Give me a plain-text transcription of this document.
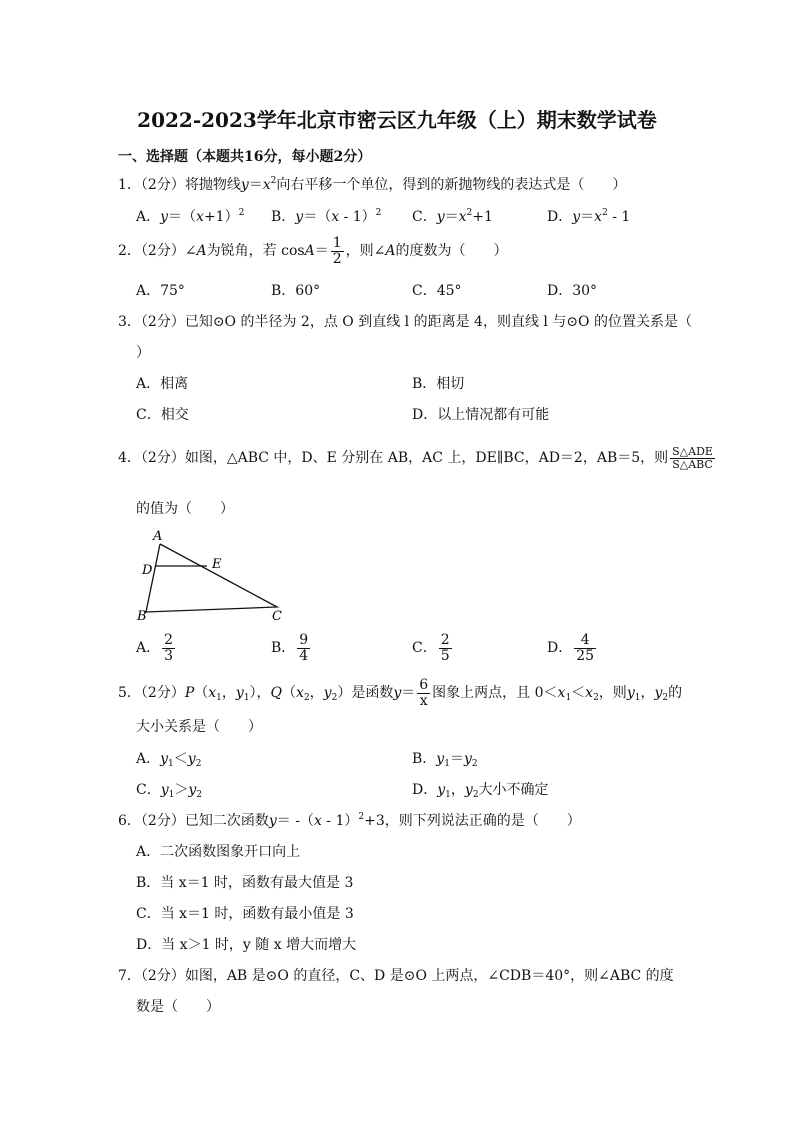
2022-2023学年北京市密云区九年级（上）期末数学试卷
一、选择题（本题共16分，每小题2分）
1．（2分）将抛物线$y=x^2$向右平移一个单位，得到的新抛物线的表达式是（　　）
A．$y=(x+1)^2$ B．y＝（x - 1）$^2$ C．$y=x^2+1$	D．$y=x^2 - 1$
2．（2分）∠A为锐角，若 $\cos A= \frac{1}{2}$ ，则∠A的度数为（　　）
A．75°	B．60°	C．45°	D．30°
3．（2分）已知⊙O 的半径为 2，点 O 到直线 l 的距离是 4，则直线 l 与⊙O 的位置关系是（
）
A．相离	B．相切
C．相交	D．以上情况都有可能
4．（2分）如图，△ABC 中，D、E 分别在 AB，AC 上，DE∥BC，AD＝2，AB＝5，则 $\frac{\text{S△ADE}}{\text{S△ABC}}$
的值为（　　）
A
D	E
B	C
A． $\frac{2}{3}$	B． $\frac{9}{4}$	C． $\frac{2}{5}$	D． $\frac{4}{25}$
5．（2分）$P(x_1$，$y_1$），$Q(x_2$，$y_2$）是函数$y= \frac{6}{x}$ 图象上两点，且 $0<x_1<x_2$，则$y_1$，$y_2$的
大小关系是（　　）
A．$y_1<y_2$	B．$y_1=y_2$
C．$y_1>y_2$	D．$y_1$，$y_2$大小不确定
6．（2分）已知二次函数y＝ -（x - 1）$^2$+3，则下列说法正确的是（　　）
A．二次函数图象开口向上
B．当 x＝1 时，函数有最大值是 3
C．当 x＝1 时，函数有最小值是 3
D．当 x＞1 时，y 随 x 增大而增大
7．（2分）如图，AB 是⊙O 的直径，C、D 是⊙O 上两点，∠CDB＝40°，则∠ABC 的度
数是（　　）
